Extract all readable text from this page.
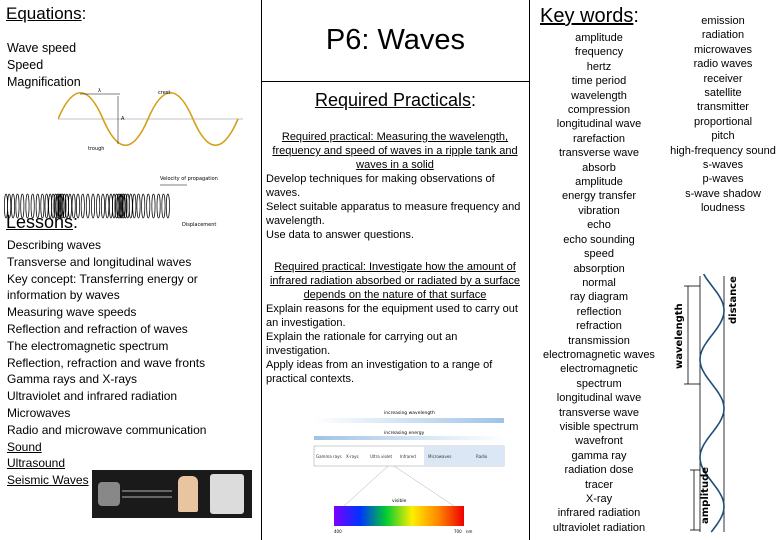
Equations:
Wave speed
Speed
Magnification
crest
trough
λ
A
Velocity of propagation
Displacement
Lessons:
Describing waves
Transverse and longitudinal waves
Key concept: Transferring energy or information by waves
Measuring wave speeds
Reflection and refraction of waves
The electromagnetic spectrum
Reflection, refraction and wave fronts
Gamma rays and X-rays
Ultraviolet and infrared radiation
Microwaves
Radio and microwave communication
Sound
Ultrasound
Seismic Waves
P6: Waves
Required Practicals:
Required practical: Measuring the wavelength, frequency and speed of waves in a ripple tank and waves in a solid
Develop techniques for making observations of waves.
Select suitable apparatus to measure frequency and wavelength.
Use data to answer questions.
Required practical: Investigate how the amount of infrared radiation absorbed or radiated by a surface depends on the nature of that surface
Explain reasons for the equipment used to carry out an investigation.
Explain the rationale for carrying out an investigation.
Apply ideas from an investigation to a range of practical contexts.
increasing wavelength
increasing energy
Gamma rays X-rays	Ultra violet Infrared	Microwaves	Radio
visible
400	700 nm
Key words:
amplitude
frequency
hertz
time period
wavelength
compression
longitudinal wave
rarefaction
transverse wave
absorb
amplitude
energy transfer
vibration
echo
echo sounding
speed
absorption
normal
ray diagram
reflection
refraction
transmission
electromagnetic waves
electromagnetic
spectrum
longitudinal wave
transverse wave
visible spectrum
wavefront
gamma ray
radiation dose
tracer
X-ray
infrared radiation
ultraviolet radiation
emission
radiation
microwaves
radio waves
receiver
satellite
transmitter
proportional
pitch
high-frequency sound
s-waves
p-waves
s-wave shadow
loudness
wavelength
amplitude
distance
